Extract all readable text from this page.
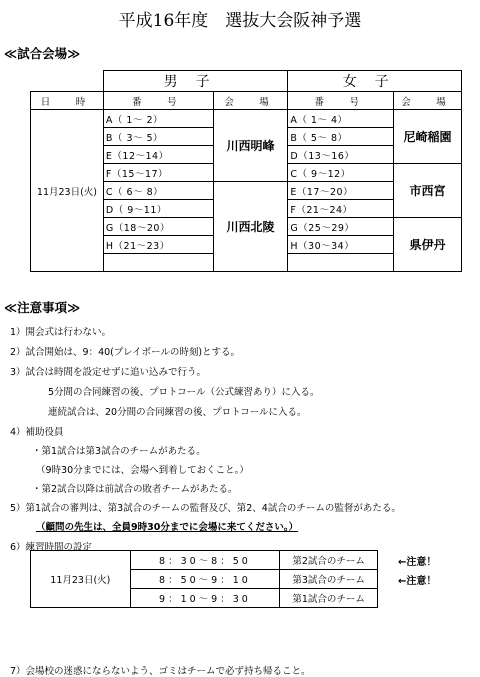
平成16年度　選抜大会阪神予選
≪試合会場≫
	男子		女子	
日　時	番　号	会　場	番　号	会　場
11月23日(火)	A（ 1～ 2）	川西明峰	A（ 1～ 4）	尼崎稲園
	B（ 3～ 5）		B（ 5～ 8）	
	E（12～14）		D（13～16）	
	F（15～17）		C（ 9～12）	市西宮
	C（ 6～ 8）	川西北陵	E（17～20）	
	D（ 9～11）		F（21～24）	
	G（18～20）		G（25～29）	県伊丹
	H（21～23）		H（30～34）	

≪注意事項≫
1）開会式は行わない。
2）試合開始は、9：40(プレイボールの時刻)とする。
3）試合は時間を設定せずに追い込みで行う。
5分間の合同練習の後、プロトコール（公式練習あり）に入る。
連続試合は、20分間の合同練習の後、プロトコールに入る。
4）補助役員
・第1試合は第3試合のチームがあたる。
（9時30分までには、会場へ到着しておくこと。）
・第2試合以降は前試合の敗者チームがあたる。
5）第1試合の審判は、第3試合のチームの監督及び、第2、4試合のチームの監督があたる。
（顧問の先生は、全員9時30分までに会場に来てください。）
6）練習時間の設定
7）会場校の迷惑にならないよう、ゴミはチームで必ず持ち帰ること。
11月23日(火)	8：30～8：50	第2試合のチーム
	8：50～9：10	第3試合のチーム
	9：10～9：30	第1試合のチーム
←注意！
←注意！
